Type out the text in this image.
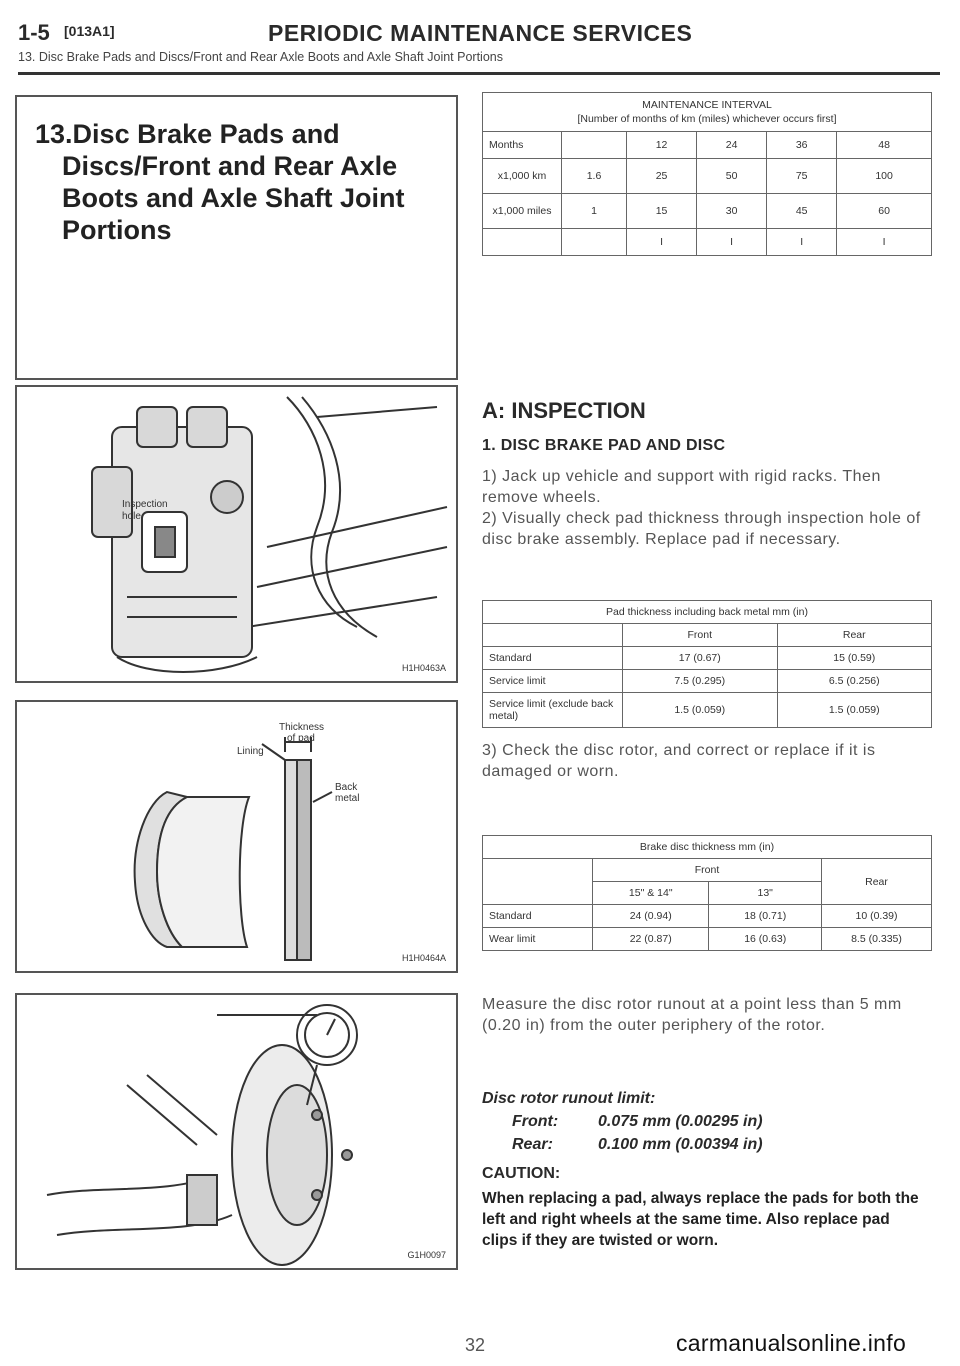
1-5 [013A1]	PERIODIC MAINTENANCE SERVICES
13. Disc Brake Pads and Discs/Front and Rear Axle Boots and Axle Shaft Joint Portions
13.Disc Brake Pads and
Discs/Front and Rear Axle
Boots and Axle Shaft Joint
Portions
MAINTENANCE INTERVAL
[Number of months of km (miles) whichever occurs first]					

Months		12	24	36	48
x1,000 km	1.6	25	50	75	100
x1,000 miles	1	15	30	45	60
		I	I	I	I
Inspection
hole
H1H0463A
Thickness
of pad
Lining
Back
metal
H1H0464A
G1H0097
A: INSPECTION
1. DISC BRAKE PAD AND DISC
1) Jack up vehicle and support with rigid racks. Then remove wheels.
2) Visually check pad thickness through inspection hole of disc brake assembly. Replace pad if necessary.
Pad thickness including back metal mm (in)		
	Front	Rear
Standard	17 (0.67)	15 (0.59)
Service limit	7.5 (0.295)	6.5 (0.256)
Service limit (exclude back metal)	1.5 (0.059)	1.5 (0.059)
3) Check the disc rotor, and correct or replace if it is damaged or worn.
Brake disc thickness mm (in)			
	Front		Rear
	15" & 14"	13"	
Standard	24 (0.94)	18 (0.71)	10 (0.39)
Wear limit	22 (0.87)	16 (0.63)	8.5 (0.335)
Measure the disc rotor runout at a point less than 5 mm (0.20 in) from the outer periphery of the rotor.
Disc rotor runout limit:
Front: 0.075 mm (0.00295 in)
Rear:	0.100 mm (0.00394 in)
CAUTION:
When replacing a pad, always replace the pads for both the left and right wheels at the same time. Also replace pad clips if they are twisted or worn.
32	carmanualsonline.info
